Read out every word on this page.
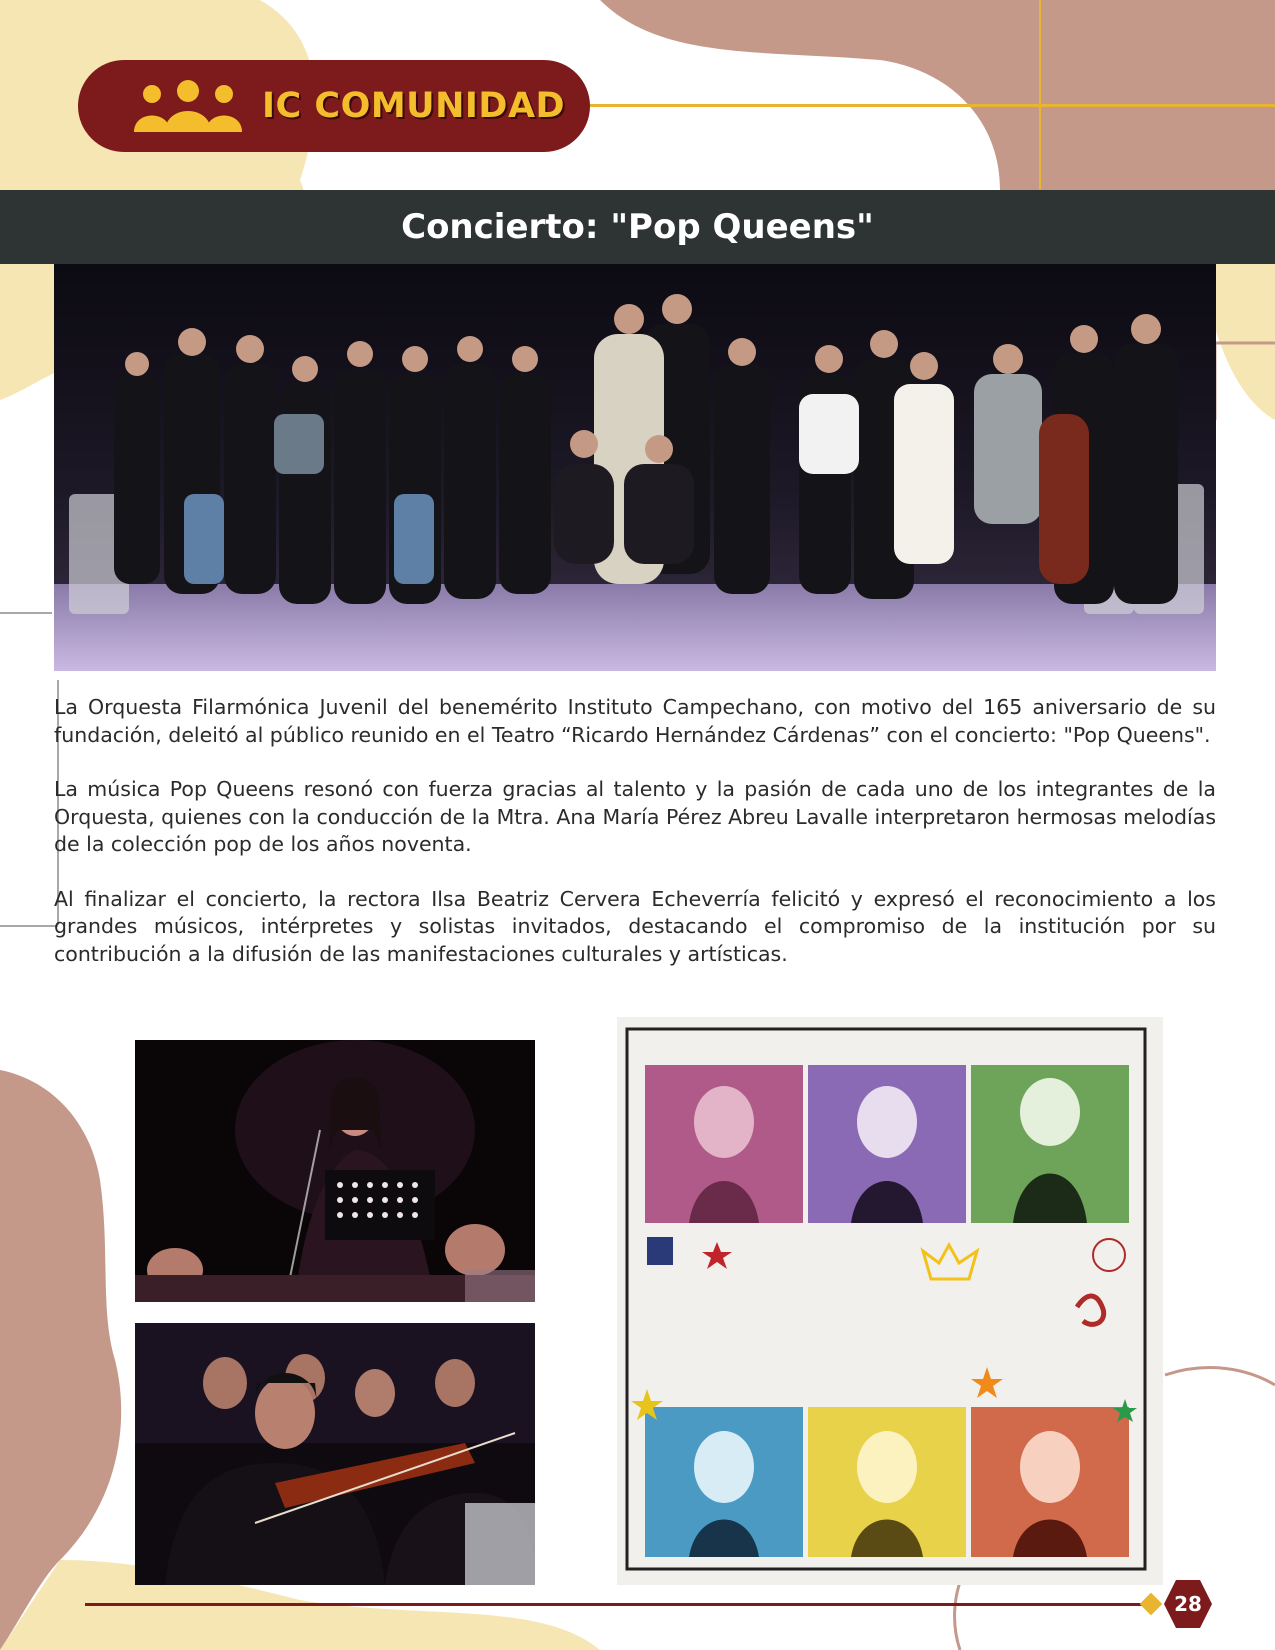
IC COMUNIDAD
Concierto: "Pop Queens"

La Orquesta Filarmónica Juvenil del benemérito Instituto Campechano, con motivo del 165 aniversario de su fundación, deleitó al público reunido en el Teatro “Ricardo Hernández Cárdenas” con el concierto: "Pop Queens".

La música Pop Queens resonó con fuerza gracias al talento y la pasión de cada uno de los integrantes de la Orquesta, quienes con la conducción de la Mtra. Ana María Pérez Abreu Lavalle interpretaron hermosas melodías de la colección pop de los años noventa.

Al finalizar el concierto, la rectora Ilsa Beatriz Cervera Echeverría felicitó y expresó el reconocimiento a los grandes músicos, intérpretes y solistas invitados, destacando el compromiso de la institución por su contribución a la difusión de las manifestaciones culturales y artísticas.

28
